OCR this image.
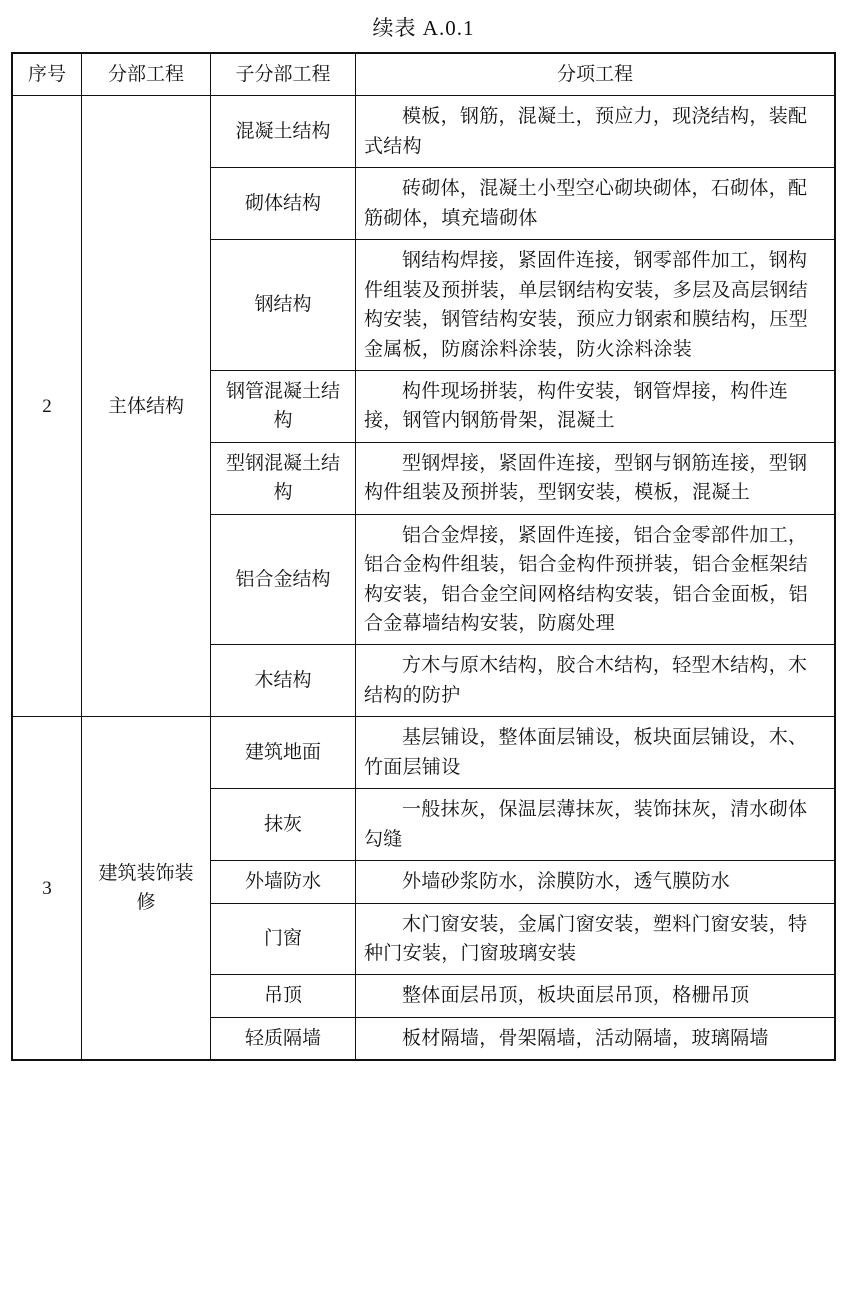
续表 A.0.1
序号	分部工程	子分部工程	分项工程
2	主体结构	混凝土结构	模板，钢筋，混凝土，预应力，现浇结构，装配式结构
		砌体结构	砖砌体，混凝土小型空心砌块砌体，石砌体，配筋砌体，填充墙砌体
		钢结构	钢结构焊接，紧固件连接，钢零部件加工，钢构件组装及预拼装，单层钢结构安装，多层及高层钢结构安装，钢管结构安装，预应力钢索和膜结构，压型金属板，防腐涂料涂装，防火涂料涂装
		钢管混凝土结构	构件现场拼装，构件安装，钢管焊接，构件连接，钢管内钢筋骨架，混凝土
		型钢混凝土结构	型钢焊接，紧固件连接，型钢与钢筋连接，型钢构件组装及预拼装，型钢安装，模板，混凝土
		铝合金结构	铝合金焊接，紧固件连接，铝合金零部件加工，铝合金构件组装，铝合金构件预拼装，铝合金框架结构安装，铝合金空间网格结构安装，铝合金面板，铝合金幕墙结构安装，防腐处理
		木结构	方木与原木结构，胶合木结构，轻型木结构，木结构的防护
3	建筑装饰装修	建筑地面	基层铺设，整体面层铺设，板块面层铺设，木、竹面层铺设
		抹灰	一般抹灰，保温层薄抹灰，装饰抹灰，清水砌体勾缝
		外墙防水	外墙砂浆防水，涂膜防水，透气膜防水
		门窗	木门窗安装，金属门窗安装，塑料门窗安装，特种门安装，门窗玻璃安装
		吊顶	整体面层吊顶，板块面层吊顶，格栅吊顶
		轻质隔墙	板材隔墙，骨架隔墙，活动隔墙，玻璃隔墙
